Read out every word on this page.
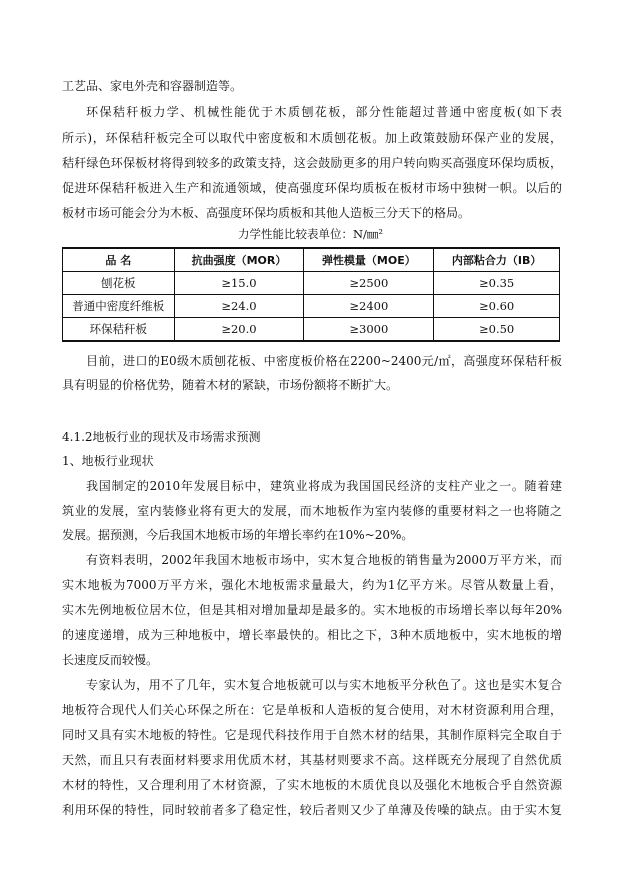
工艺品、家电外壳和容器制造等。
环保秸秆板力学、机械性能优于木质刨花板，部分性能超过普通中密度板(如下表
所示)，环保秸秆板完全可以取代中密度板和木质刨花板。加上政策鼓励环保产业的发展，
秸秆绿色环保板材将得到较多的政策支持，这会鼓励更多的用户转向购买高强度环保均质板，
促进环保秸秆板进入生产和流通领域，使高强度环保均质板在板材市场中独树一帜。以后的
板材市场可能会分为木板、高强度环保均质板和其他人造板三分天下的格局。
力学性能比较表单位：N/㎜²
品 名	抗曲强度（MOR）	弹性模量（MOE）	内部粘合力（IB）
刨花板	≥15.0	≥2500	≥0.35
普通中密度纤维板	≥24.0	≥2400	≥0.60
环保秸秆板	≥20.0	≥3000	≥0.50
目前，进口的E0级木质刨花板、中密度板价格在2200~2400元/㎡，高强度环保秸秆板
具有明显的价格优势，随着木材的紧缺，市场份额将不断扩大。
4.1.2地板行业的现状及市场需求预测
1、地板行业现状
我国制定的2010年发展目标中，建筑业将成为我国国民经济的支柱产业之一。随着建
筑业的发展，室内装修业将有更大的发展，而木地板作为室内装修的重要材料之一也将随之
发展。据预测，今后我国木地板市场的年增长率约在10%~20%。
有资料表明，2002年我国木地板市场中，实木复合地板的销售量为2000万平方米，而
实木地板为7000万平方米，强化木地板需求量最大，约为1亿平方米。尽管从数量上看，
实木先例地板位居木位，但是其相对增加量却是最多的。实木地板的市场增长率以每年20%
的速度递增，成为三种地板中，增长率最快的。相比之下，3种木质地板中，实木地板的增
长速度反而较慢。
专家认为，用不了几年，实木复合地板就可以与实木地板平分秋色了。这也是实木复合
地板符合现代人们关心环保之所在：它是单板和人造板的复合使用，对木材资源利用合理，
同时又具有实木地板的特性。它是现代科技作用于自然木材的结果，其制作原料完全取自于
天然，而且只有表面材料要求用优质木材，其基材则要求不高。这样既充分展现了自然优质
木材的特性，又合理利用了木材资源，了实木地板的木质优良以及强化木地板合乎自然资源
利用环保的特性，同时较前者多了稳定性，较后者则又少了单薄及传噪的缺点。由于实木复
